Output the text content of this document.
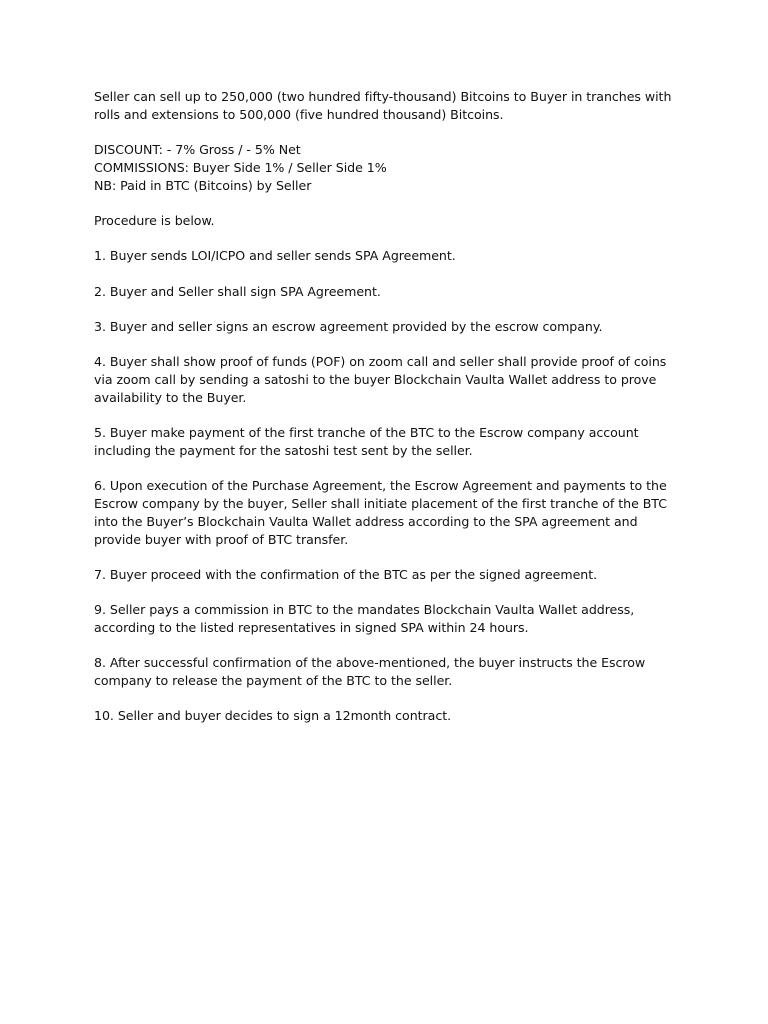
Seller can sell up to 250,000 (two hundred fifty-thousand) Bitcoins to Buyer in tranches with
rolls and extensions to 500,000 (five hundred thousand) Bitcoins.

DISCOUNT: - 7% Gross / - 5% Net
COMMISSIONS: Buyer Side 1% / Seller Side 1%
NB: Paid in BTC (Bitcoins) by Seller

Procedure is below.

1. Buyer sends LOI/ICPO and seller sends SPA Agreement.

2. Buyer and Seller shall sign SPA Agreement.

3. Buyer and seller signs an escrow agreement provided by the escrow company.

4. Buyer shall show proof of funds (POF) on zoom call and seller shall provide proof of coins
via zoom call by sending a satoshi to the buyer Blockchain Vaulta Wallet address to prove
availability to the Buyer.

5. Buyer make payment of the first tranche of the BTC to the Escrow company account
including the payment for the satoshi test sent by the seller.

6. Upon execution of the Purchase Agreement, the Escrow Agreement and payments to the
Escrow company by the buyer, Seller shall initiate placement of the first tranche of the BTC
into the Buyer’s Blockchain Vaulta Wallet address according to the SPA agreement and
provide buyer with proof of BTC transfer.

7. Buyer proceed with the confirmation of the BTC as per the signed agreement.

9. Seller pays a commission in BTC to the mandates Blockchain Vaulta Wallet address,
according to the listed representatives in signed SPA within 24 hours.

8. After successful confirmation of the above-mentioned, the buyer instructs the Escrow
company to release the payment of the BTC to the seller.

10. Seller and buyer decides to sign a 12month contract.
